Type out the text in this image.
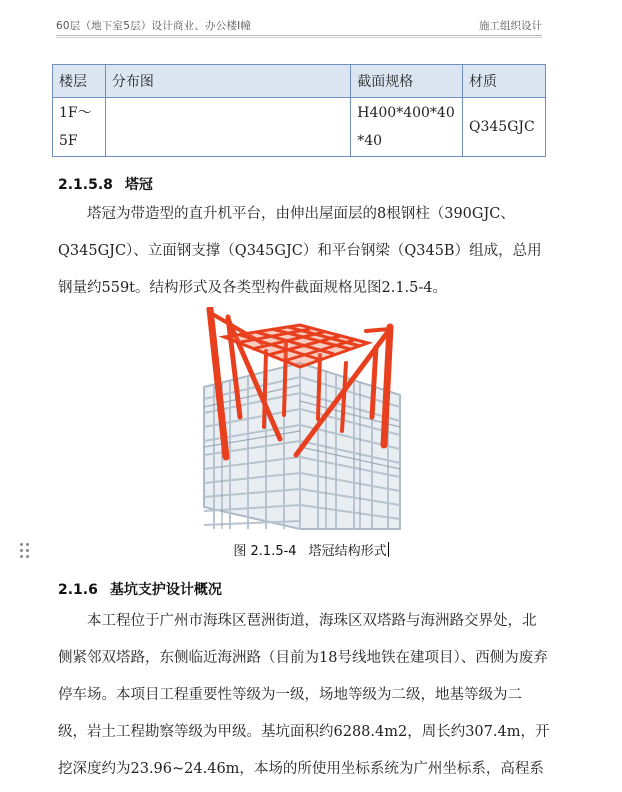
60层（地下室5层）设计商业、办公楼Ⅰ幢	施工组织设计
楼层	分布图	截面规格	材质
1F～5F		H400*400*40*40	Q345GJC
2.1.5.8 塔冠

塔冠为带造型的直升机平台，由伸出屋面层的8根钢柱（390GJC、Q345GJC）、立面钢支撑（Q345GJC）和平台钢梁（Q345B）组成，总用钢量约559t。结构形式及各类型构件截面规格见图2.1.5-4。

图 2.1.5-4 塔冠结构形式
2.1.6 基坑支护设计概况

本工程位于广州市海珠区琶洲街道，海珠区双塔路与海洲路交界处，北侧紧邻双塔路，东侧临近海洲路（目前为18号线地铁在建项目）、西侧为废弃停车场。本项目工程重要性等级为一级，场地等级为二级，地基等级为二级，岩土工程勘察等级为甲级。基坑面积约6288.4m2，周长约307.4m，开挖深度约为23.96~24.46m，本场的所使用坐标系统为广州坐标系，高程系
